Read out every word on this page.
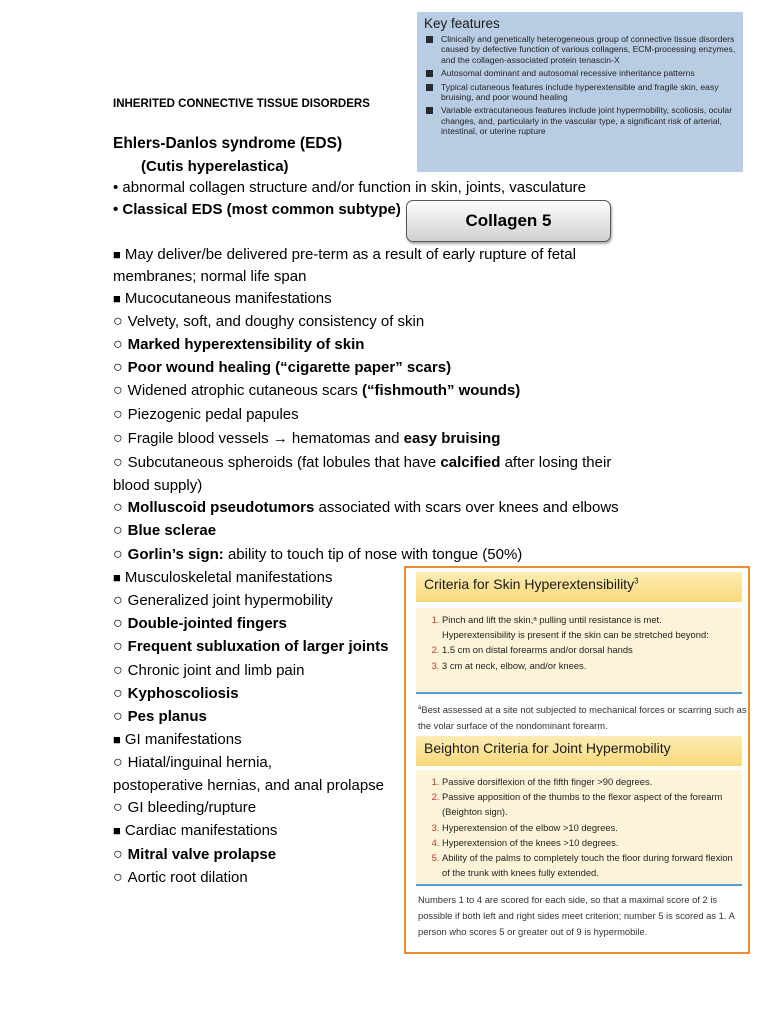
Key features
Clinically and genetically heterogeneous group of connective tissue disorders caused by defective function of various collagens, ECM-processing enzymes, and the collagen-associated protein tenascin-X
Autosomal dominant and autosomal recessive inheritance patterns
Typical cutaneous features include hyperextensible and fragile skin, easy bruising, and poor wound healing
Variable extracutaneous features include joint hypermobility, scoliosis, ocular changes, and, particularly in the vascular type, a significant risk of arterial, intestinal, or uterine rupture
INHERITED CONNECTIVE TISSUE DISORDERS
Ehlers-Danlos syndrome (EDS)
(Cutis hyperelastica)
• abnormal collagen structure and/or function in skin, joints, vasculature
• Classical EDS (most common subtype)
Collagen 5
■ May deliver/be delivered pre-term as a result of early rupture of fetal
membranes; normal life span
■ Mucocutaneous manifestations
○ Velvety, soft, and doughy consistency of skin
○ Marked hyperextensibility of skin
○ Poor wound healing (“cigarette paper” scars)
○ Widened atrophic cutaneous scars (“fishmouth” wounds)
○ Piezogenic pedal papules
○ Fragile blood vessels → hematomas and easy bruising
○ Subcutaneous spheroids (fat lobules that have calcified after losing their
blood supply)
○ Molluscoid pseudotumors associated with scars over knees and elbows
○ Blue sclerae
○ Gorlin’s sign: ability to touch tip of nose with tongue (50%)
■ Musculoskeletal manifestations
○ Generalized joint hypermobility
○ Double-jointed fingers
○ Frequent subluxation of larger joints
○ Chronic joint and limb pain
○ Kyphoscoliosis
○ Pes planus
■ GI manifestations
○ Hiatal/inguinal hernia,
postoperative hernias, and anal prolapse
○ GI bleeding/rupture
■ Cardiac manifestations
○ Mitral valve prolapse
○ Aortic root dilation
Criteria for Skin Hyperextensibility$^3$
1. Pinch and lift the skin,ᵃ pulling until resistance is met. Hyperextensibility is present if the skin can be stretched beyond:
2. 1.5 cm on distal forearms and/or dorsal hands
3. 3 cm at neck, elbow, and/or knees.
$^a$Best assessed at a site not subjected to mechanical forces or scarring such as the volar surface of the nondominant forearm.
Beighton Criteria for Joint Hypermobility
1. Passive dorsiflexion of the fifth finger >90 degrees.
2. Passive apposition of the thumbs to the flexor aspect of the forearm (Beighton sign).
3. Hyperextension of the elbow >10 degrees.
4. Hyperextension of the knees >10 degrees.
5. Ability of the palms to completely touch the floor during forward flexion of the trunk with knees fully extended.
Numbers 1 to 4 are scored for each side, so that a maximal score of 2 is possible if both left and right sides meet criterion; number 5 is scored as 1. A person who scores 5 or greater out of 9 is hypermobile.
